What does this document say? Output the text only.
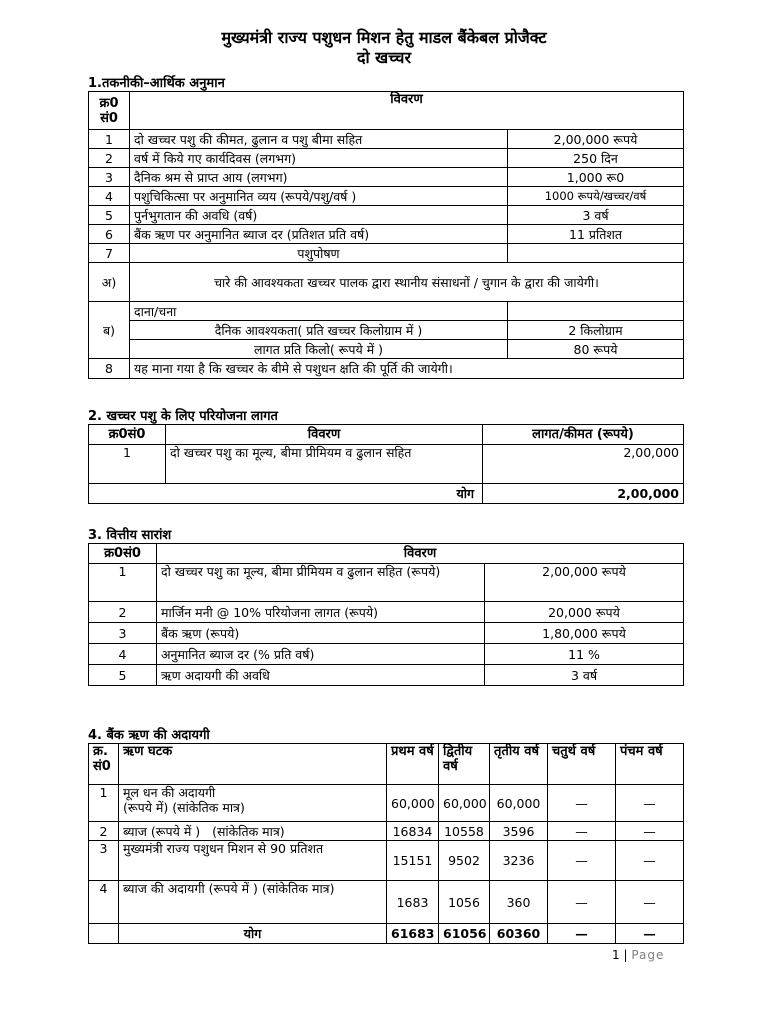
मुख्यमंत्री राज्य पशुधन मिशन हेतु माडल बैंकेबल प्रोजैक्ट
दो खच्चर
1.तकनीकी–आर्थिक अनुमान
क्र0 सं0	विवरण	
1	दो खच्चर पशु की कीमत, ढुलान व पशु बीमा सहित	2,00,000 रूपये
2	वर्ष में किये गए कार्यदिवस (लगभग)	250 दिन
3	दैनिक श्रम से प्राप्त आय (लगभग)	1,000 रू0
4	पशुचिकित्सा पर अनुमानित व्यय (रूपये/पशु/वर्ष )	1000 रूपये/खच्चर/वर्ष
5	पुर्नभुगतान की अवधि (वर्ष)	3 वर्ष
6	बैंक ऋण पर अनुमानित ब्याज दर (प्रतिशत प्रति वर्ष)	11 प्रतिशत
7	पशुपोषण	
अ)	चारे की आवश्यकता खच्चर पालक द्वारा स्थानीय संसाधनों / चुगान के द्वारा की जायेगी।	
ब)	दाना/चना	
	दैनिक आवश्यकता( प्रति खच्चर किलोग्राम में )	2 किलोग्राम
	लागत प्रति किलो( रूपये में )	80 रूपये
8	यह माना गया है कि खच्चर के बीमे से पशुधन क्षति की पूर्ति की जायेगी।	
2. खच्चर पशु के लिए परियोजना लागत
क्र0सं0	विवरण	लागत/कीमत (रूपये)
1	दो खच्चर पशु का मूल्य, बीमा प्रीमियम व ढुलान सहित	2,00,000
योग		2,00,000
3. वित्तीय सारांश
क्र0सं0	विवरण	
1	दो खच्चर पशु का मूल्य, बीमा प्रीमियम व ढुलान सहित (रूपये)	2,00,000 रूपये
2	मार्जिन मनी @ 10% परियोजना लागत (रूपये)	20,000 रूपये
3	बैंक ऋण (रूपये)	1,80,000 रूपये
4	अनुमानित ब्याज दर (% प्रति वर्ष)	11 %
5	ऋण अदायगी की अवधि	3 वर्ष
4. बैंक ऋण की अदायगी
क्र. सं0	ऋण घटक	प्रथम वर्ष	द्वितीय वर्ष	तृतीय वर्ष	चतुर्थ वर्ष	पंचम वर्ष
1	मूल धन की अदायगी
(रूपये में) (सांकेतिक मात्र)	60,000	60,000	60,000	—	—
2	ब्याज (रूपये में )   (सांकेतिक मात्र)	16834	10558	3596	—	—
3	मुख्यमंत्री राज्य पशुधन मिशन से 90 प्रतिशत	15151	9502	3236	—	—
4	ब्याज की अदायगी (रूपये में ) (सांकेतिक मात्र)	1683	1056	360	—	—
	योग	61683	61056	60360	—	—
1 | Page
